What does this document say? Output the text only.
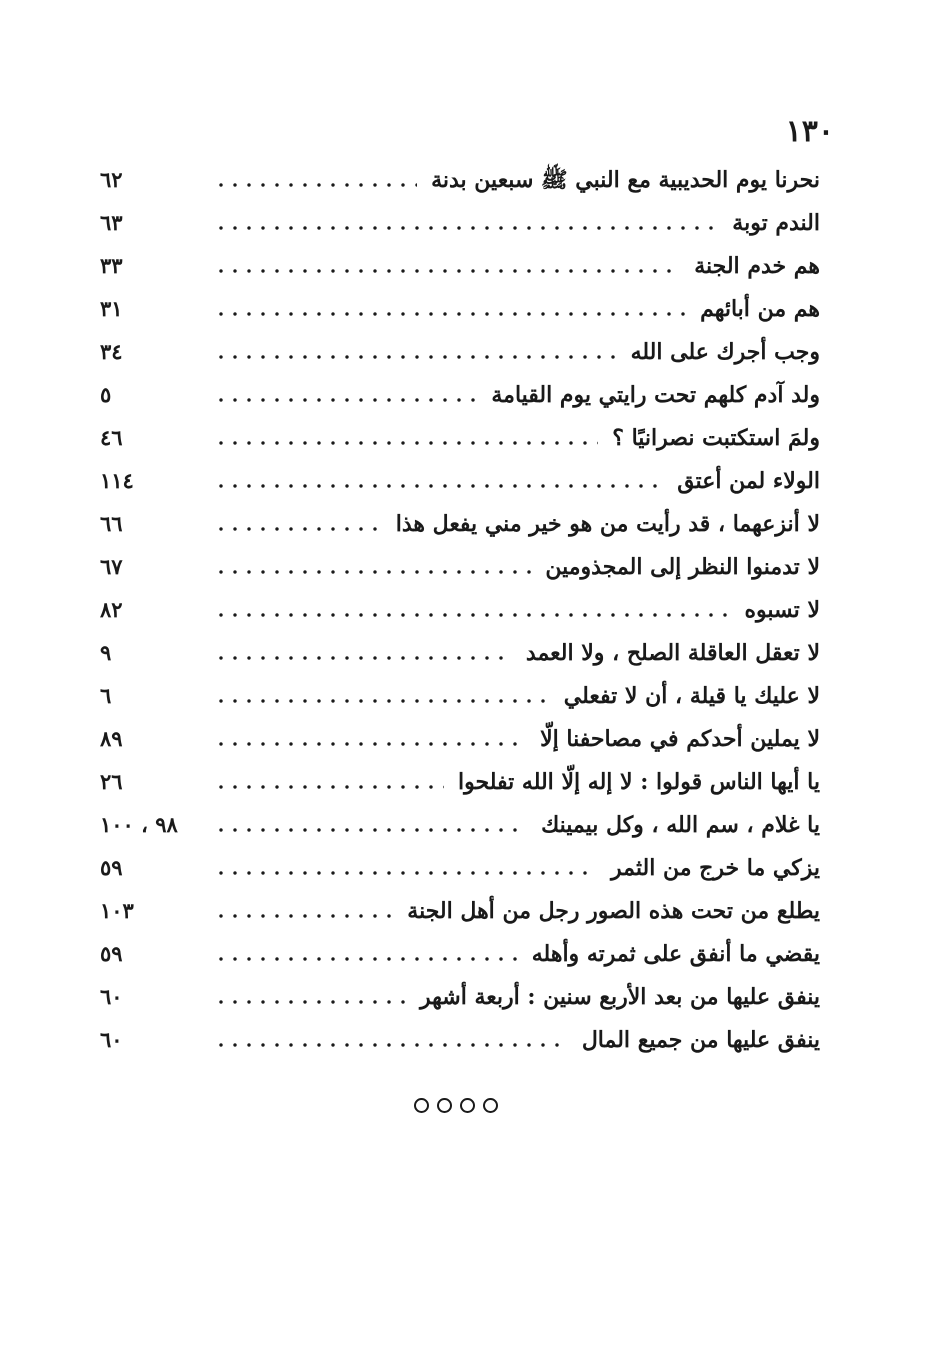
١٣٠
نحرنا يوم الحديبية مع النبي ﷺ سبعين بدنة
٦٢
الندم توبة
٦٣
هم خدم الجنة
٣٣
هم من أبائهم
٣١
وجب أجرك على الله
٣٤
ولد آدم كلهم تحت رايتي يوم القيامة
٥
ولمَ استكتبت نصرانيًا ؟
٤٦
الولاء لمن أعتق
١١٤
لا أنزعهما ، قد رأيت من هو خير مني يفعل هذا
٦٦
لا تدمنوا النظر إلى المجذومين
٦٧
لا تسبوه
٨٢
لا تعقل العاقلة الصلح ، ولا العمد
٩
لا عليك يا قيلة ، أن لا تفعلي
٦
لا يملين أحدكم في مصاحفنا إلّا
٨٩
يا أيها الناس قولوا : لا إله إلّا الله تفلحوا
٢٦
يا غلام ، سم الله ، وكل بيمينك
٩٨ ، ١٠٠
يزكي ما خرج من الثمر
٥٩
يطلع من تحت هذه الصور رجل من أهل الجنة
١٠٣
يقضي ما أنفق على ثمرته وأهله
٥٩
ينفق عليها من بعد الأربع سنين : أربعة أشهر
٦٠
ينفق عليها من جميع المال
٦٠
